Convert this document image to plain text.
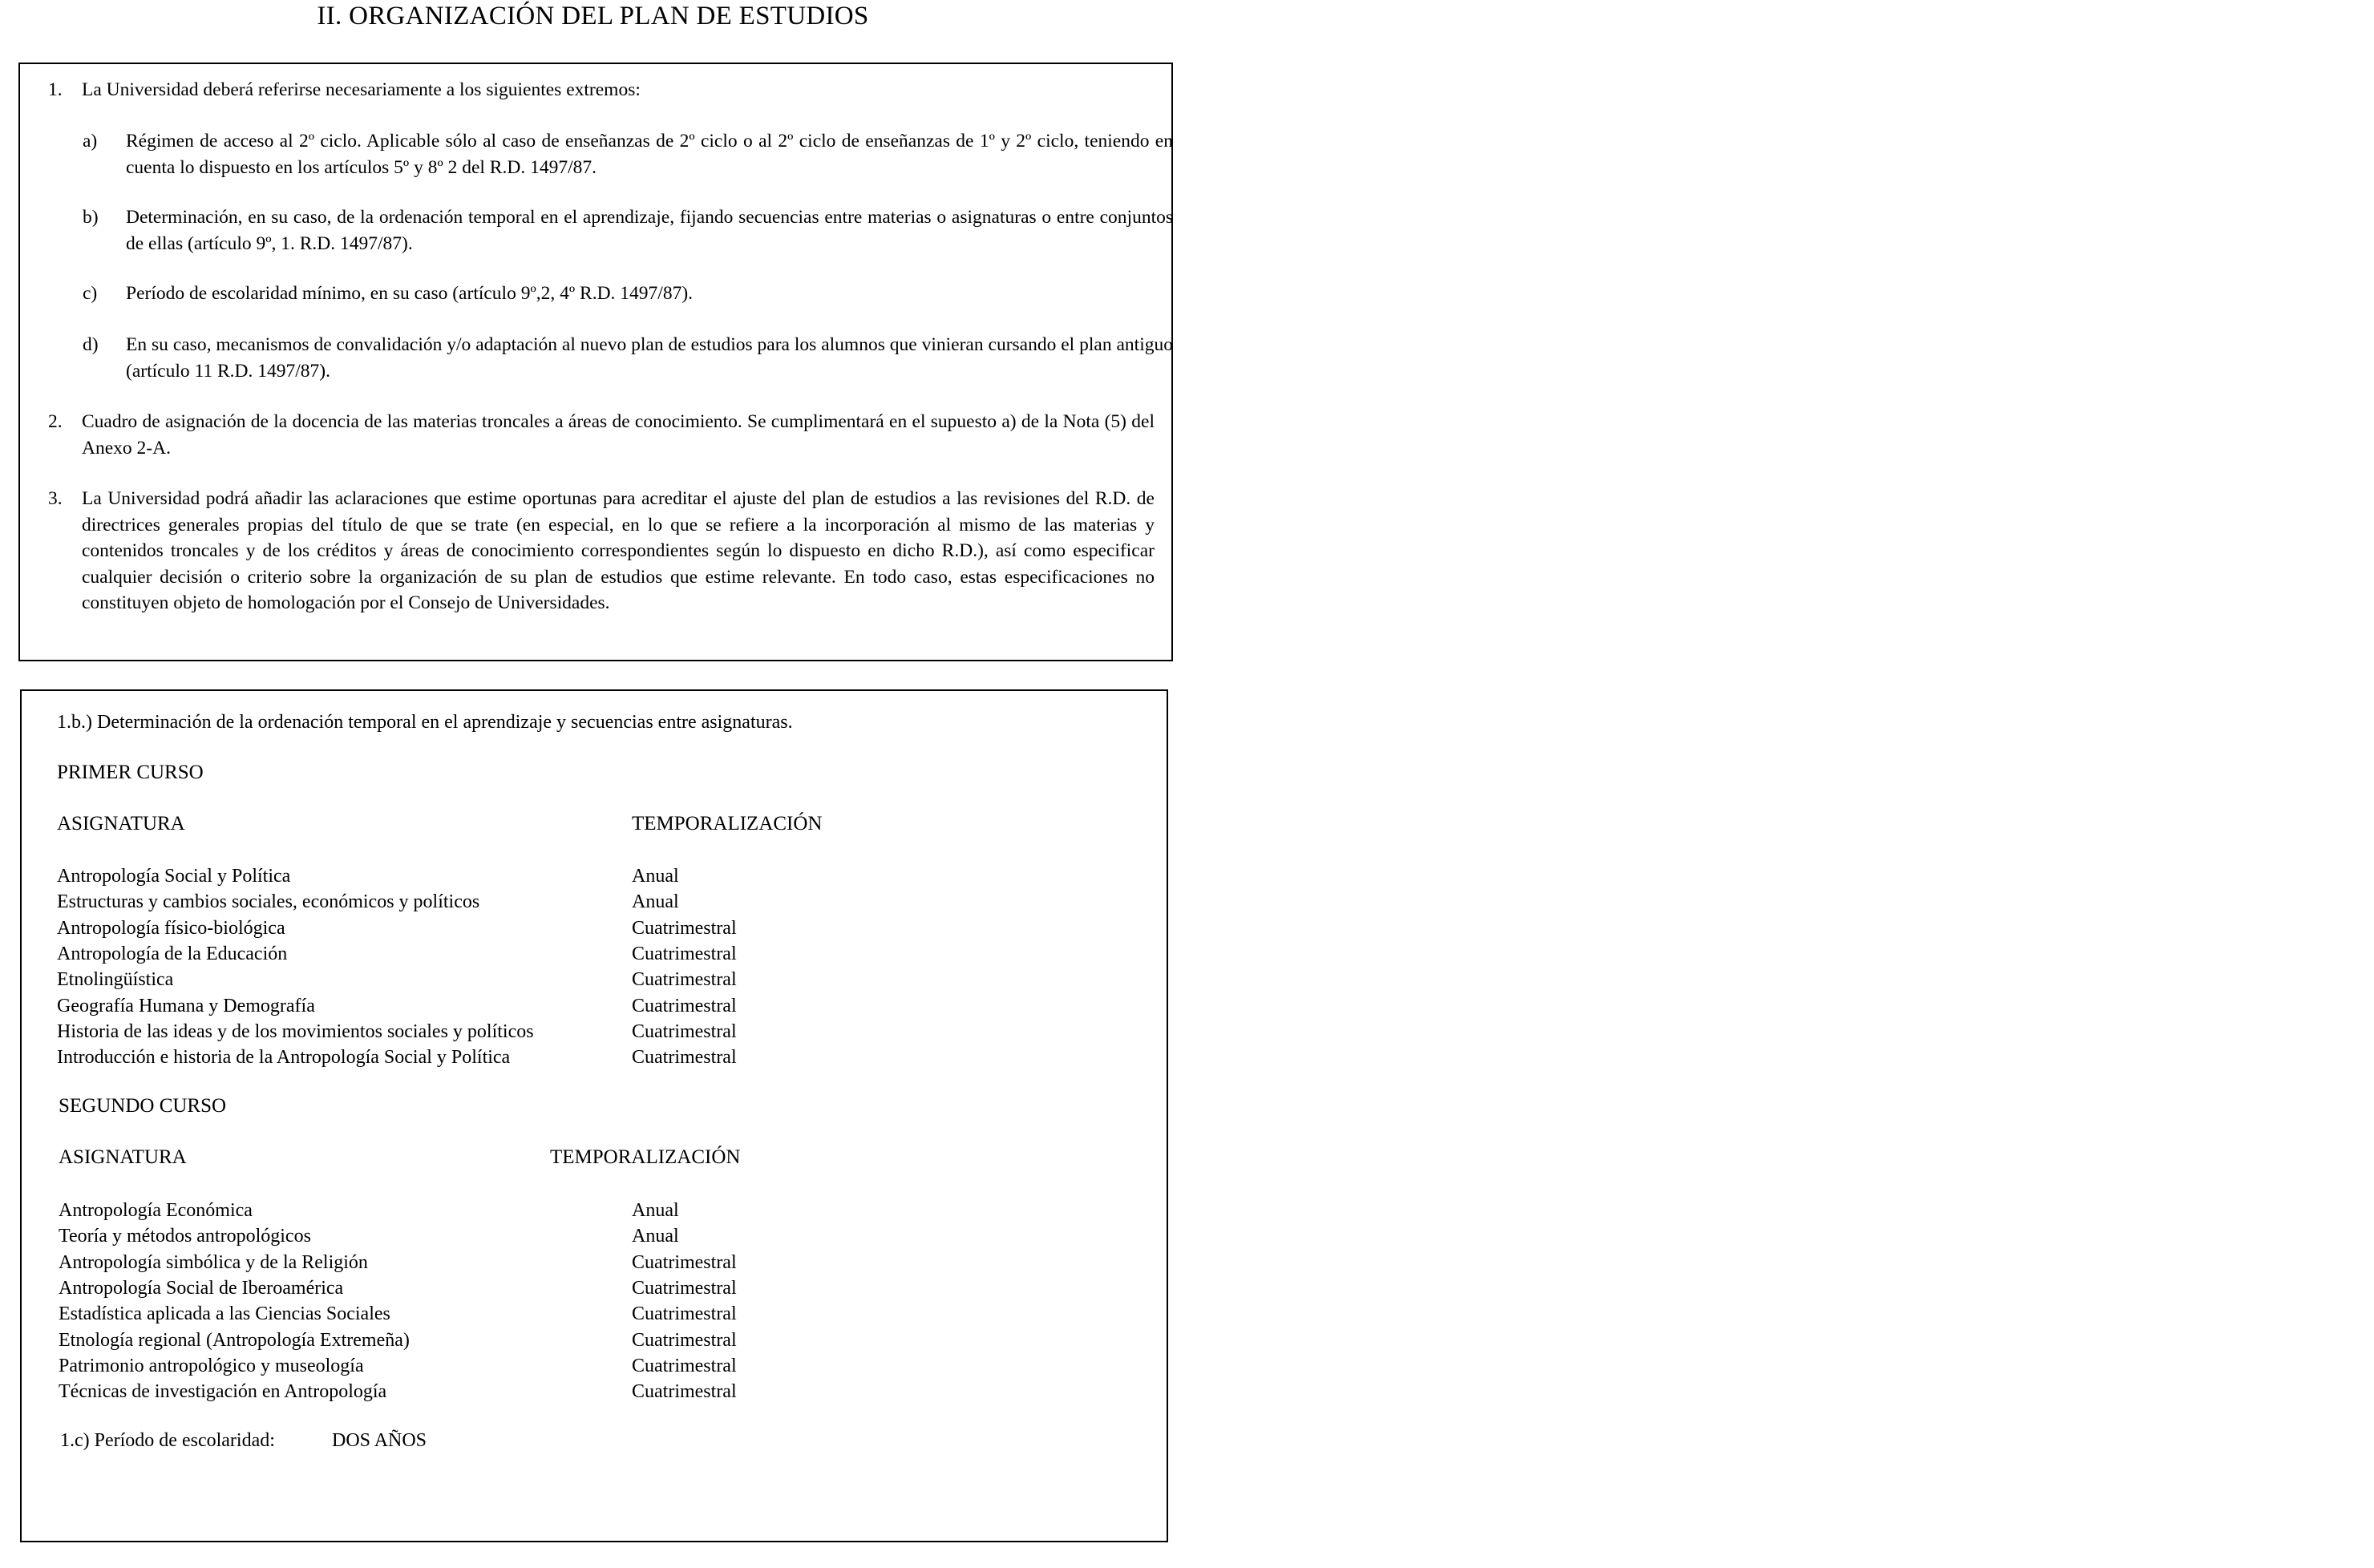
II. ORGANIZACIÓN DEL PLAN DE ESTUDIOS
1. La Universidad deberá referirse necesariamente a los siguientes extremos:
a) Régimen de acceso al 2º ciclo. Aplicable sólo al caso de enseñanzas de 2º ciclo o al 2º ciclo de enseñanzas de 1º y 2º ciclo, teniendo en cuenta lo dispuesto en los artículos 5º y 8º 2 del R.D. 1497/87.
b) Determinación, en su caso, de la ordenación temporal en el aprendizaje, fijando secuencias entre materias o asignaturas o entre conjuntos de ellas (artículo 9º, 1. R.D. 1497/87).
c) Período de escolaridad mínimo, en su caso (artículo 9º,2, 4º R.D. 1497/87).
d) En su caso, mecanismos de convalidación y/o adaptación al nuevo plan de estudios para los alumnos que vinieran cursando el plan antiguo (artículo 11 R.D. 1497/87).
2. Cuadro de asignación de la docencia de las materias troncales a áreas de conocimiento. Se cumplimentará en el supuesto a) de la Nota (5) del Anexo 2-A.
3. La Universidad podrá añadir las aclaraciones que estime oportunas para acreditar el ajuste del plan de estudios a las revisiones del R.D. de directrices generales propias del título de que se trate (en especial, en lo que se refiere a la incorporación al mismo de las materias y contenidos troncales y de los créditos y áreas de conocimiento correspondientes según lo dispuesto en dicho R.D.), así como especificar cualquier decisión o criterio sobre la organización de su plan de estudios que estime relevante. En todo caso, estas especificaciones no constituyen objeto de homologación por el Consejo de Universidades.
1.b.) Determinación de la ordenación temporal en el aprendizaje y secuencias entre asignaturas.
PRIMER CURSO
ASIGNATURA	TEMPORALIZACIÓN
Antropología Social y Política	Anual
Estructuras y cambios sociales, económicos y políticos	Anual
Antropología físico-biológica	Cuatrimestral
Antropología de la Educación	Cuatrimestral
Etnolingüística	Cuatrimestral
Geografía Humana y Demografía	Cuatrimestral
Historia de las ideas y de los movimientos sociales y políticos	Cuatrimestral
Introducción e historia de la Antropología Social y Política	Cuatrimestral
SEGUNDO CURSO
ASIGNATURA	TEMPORALIZACIÓN
Antropología Económica	Anual
Teoría y métodos antropológicos	Anual
Antropología simbólica y de la Religión	Cuatrimestral
Antropología Social de Iberoamérica	Cuatrimestral
Estadística aplicada a las Ciencias Sociales	Cuatrimestral
Etnología regional (Antropología Extremeña)	Cuatrimestral
Patrimonio antropológico y museología	Cuatrimestral
Técnicas de investigación en Antropología	Cuatrimestral
1.c) Período de escolaridad:	DOS AÑOS
